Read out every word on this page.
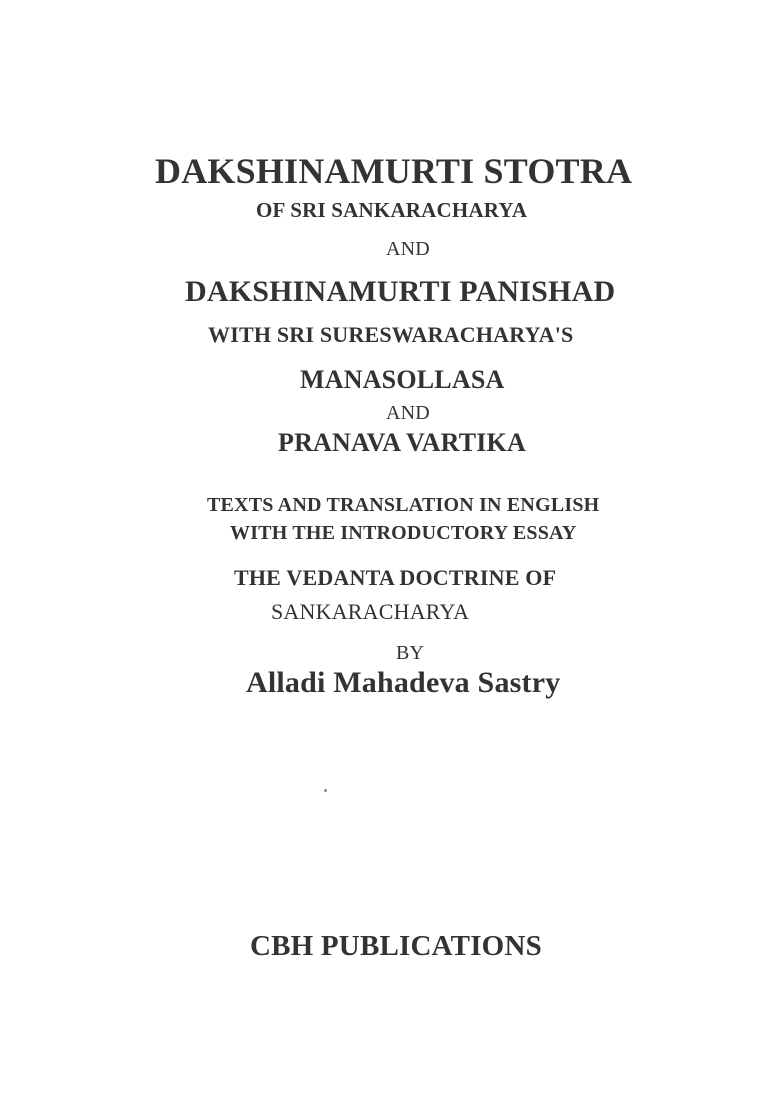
DAKSHINAMURTI STOTRA
OF SRI SANKARACHARYA
AND
DAKSHINAMURTI PANISHAD
WITH SRI SURESWARACHARYA'S
MANASOLLASA
AND
PRANAVA VARTIKA
TEXTS AND TRANSLATION IN ENGLISH
WITH THE INTRODUCTORY ESSAY
THE VEDANTA DOCTRINE OF
SANKARACHARYA
BY
Alladi Mahadeva Sastry
CBH PUBLICATIONS
